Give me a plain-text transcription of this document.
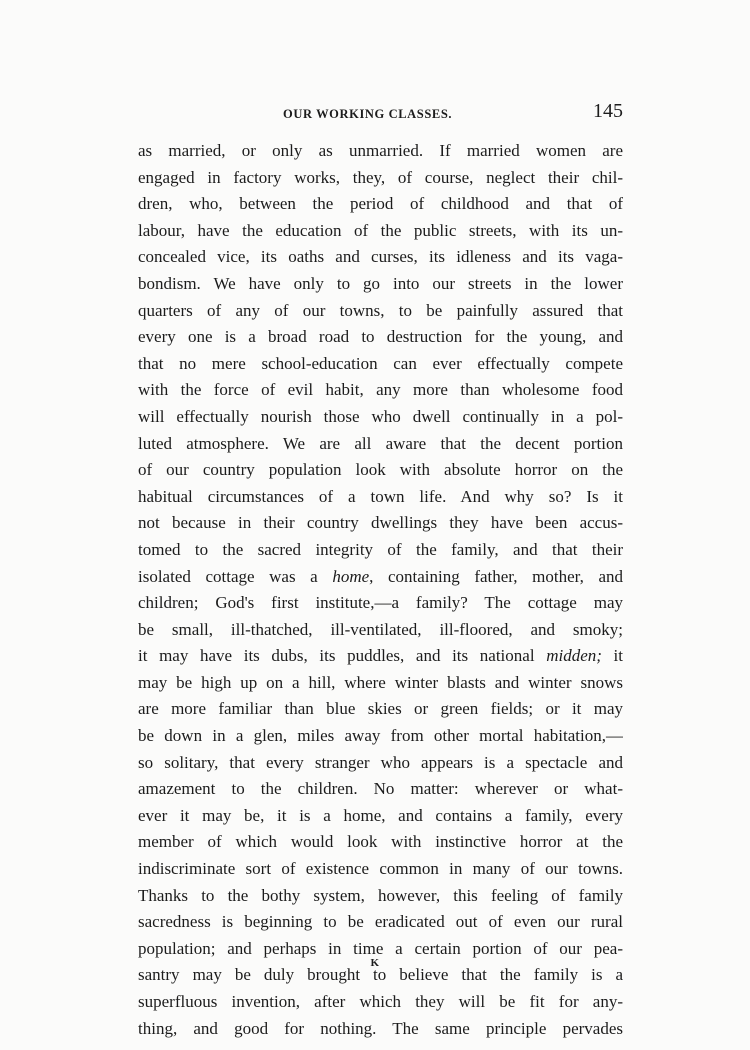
OUR WORKING CLASSES.	145
as married, or only as unmarried. If married women are
engaged in factory works, they, of course, neglect their chil-
dren, who, between the period of childhood and that of
labour, have the education of the public streets, with its un-
concealed vice, its oaths and curses, its idleness and its vaga-
bondism. We have only to go into our streets in the lower
quarters of any of our towns, to be painfully assured that
every one is a broad road to destruction for the young, and
that no mere school-education can ever effectually compete
with the force of evil habit, any more than wholesome food
will effectually nourish those who dwell continually in a pol-
luted atmosphere. We are all aware that the decent portion
of our country population look with absolute horror on the
habitual circumstances of a town life. And why so? Is it
not because in their country dwellings they have been accus-
tomed to the sacred integrity of the family, and that their
isolated cottage was a home, containing father, mother, and
children; God's first institute,—a family? The cottage may
be small, ill-thatched, ill-ventilated, ill-floored, and smoky;
it may have its dubs, its puddles, and its national midden; it
may be high up on a hill, where winter blasts and winter snows
are more familiar than blue skies or green fields; or it may
be down in a glen, miles away from other mortal habitation,—
so solitary, that every stranger who appears is a spectacle and
amazement to the children. No matter: wherever or what-
ever it may be, it is a home, and contains a family, every
member of which would look with instinctive horror at the
indiscriminate sort of existence common in many of our towns.
Thanks to the bothy system, however, this feeling of family
sacredness is beginning to be eradicated out of even our rural
population; and perhaps in time a certain portion of our pea-
santry may be duly brought to believe that the family is a
superfluous invention, after which they will be fit for any-
thing, and good for nothing. The same principle pervades
K
